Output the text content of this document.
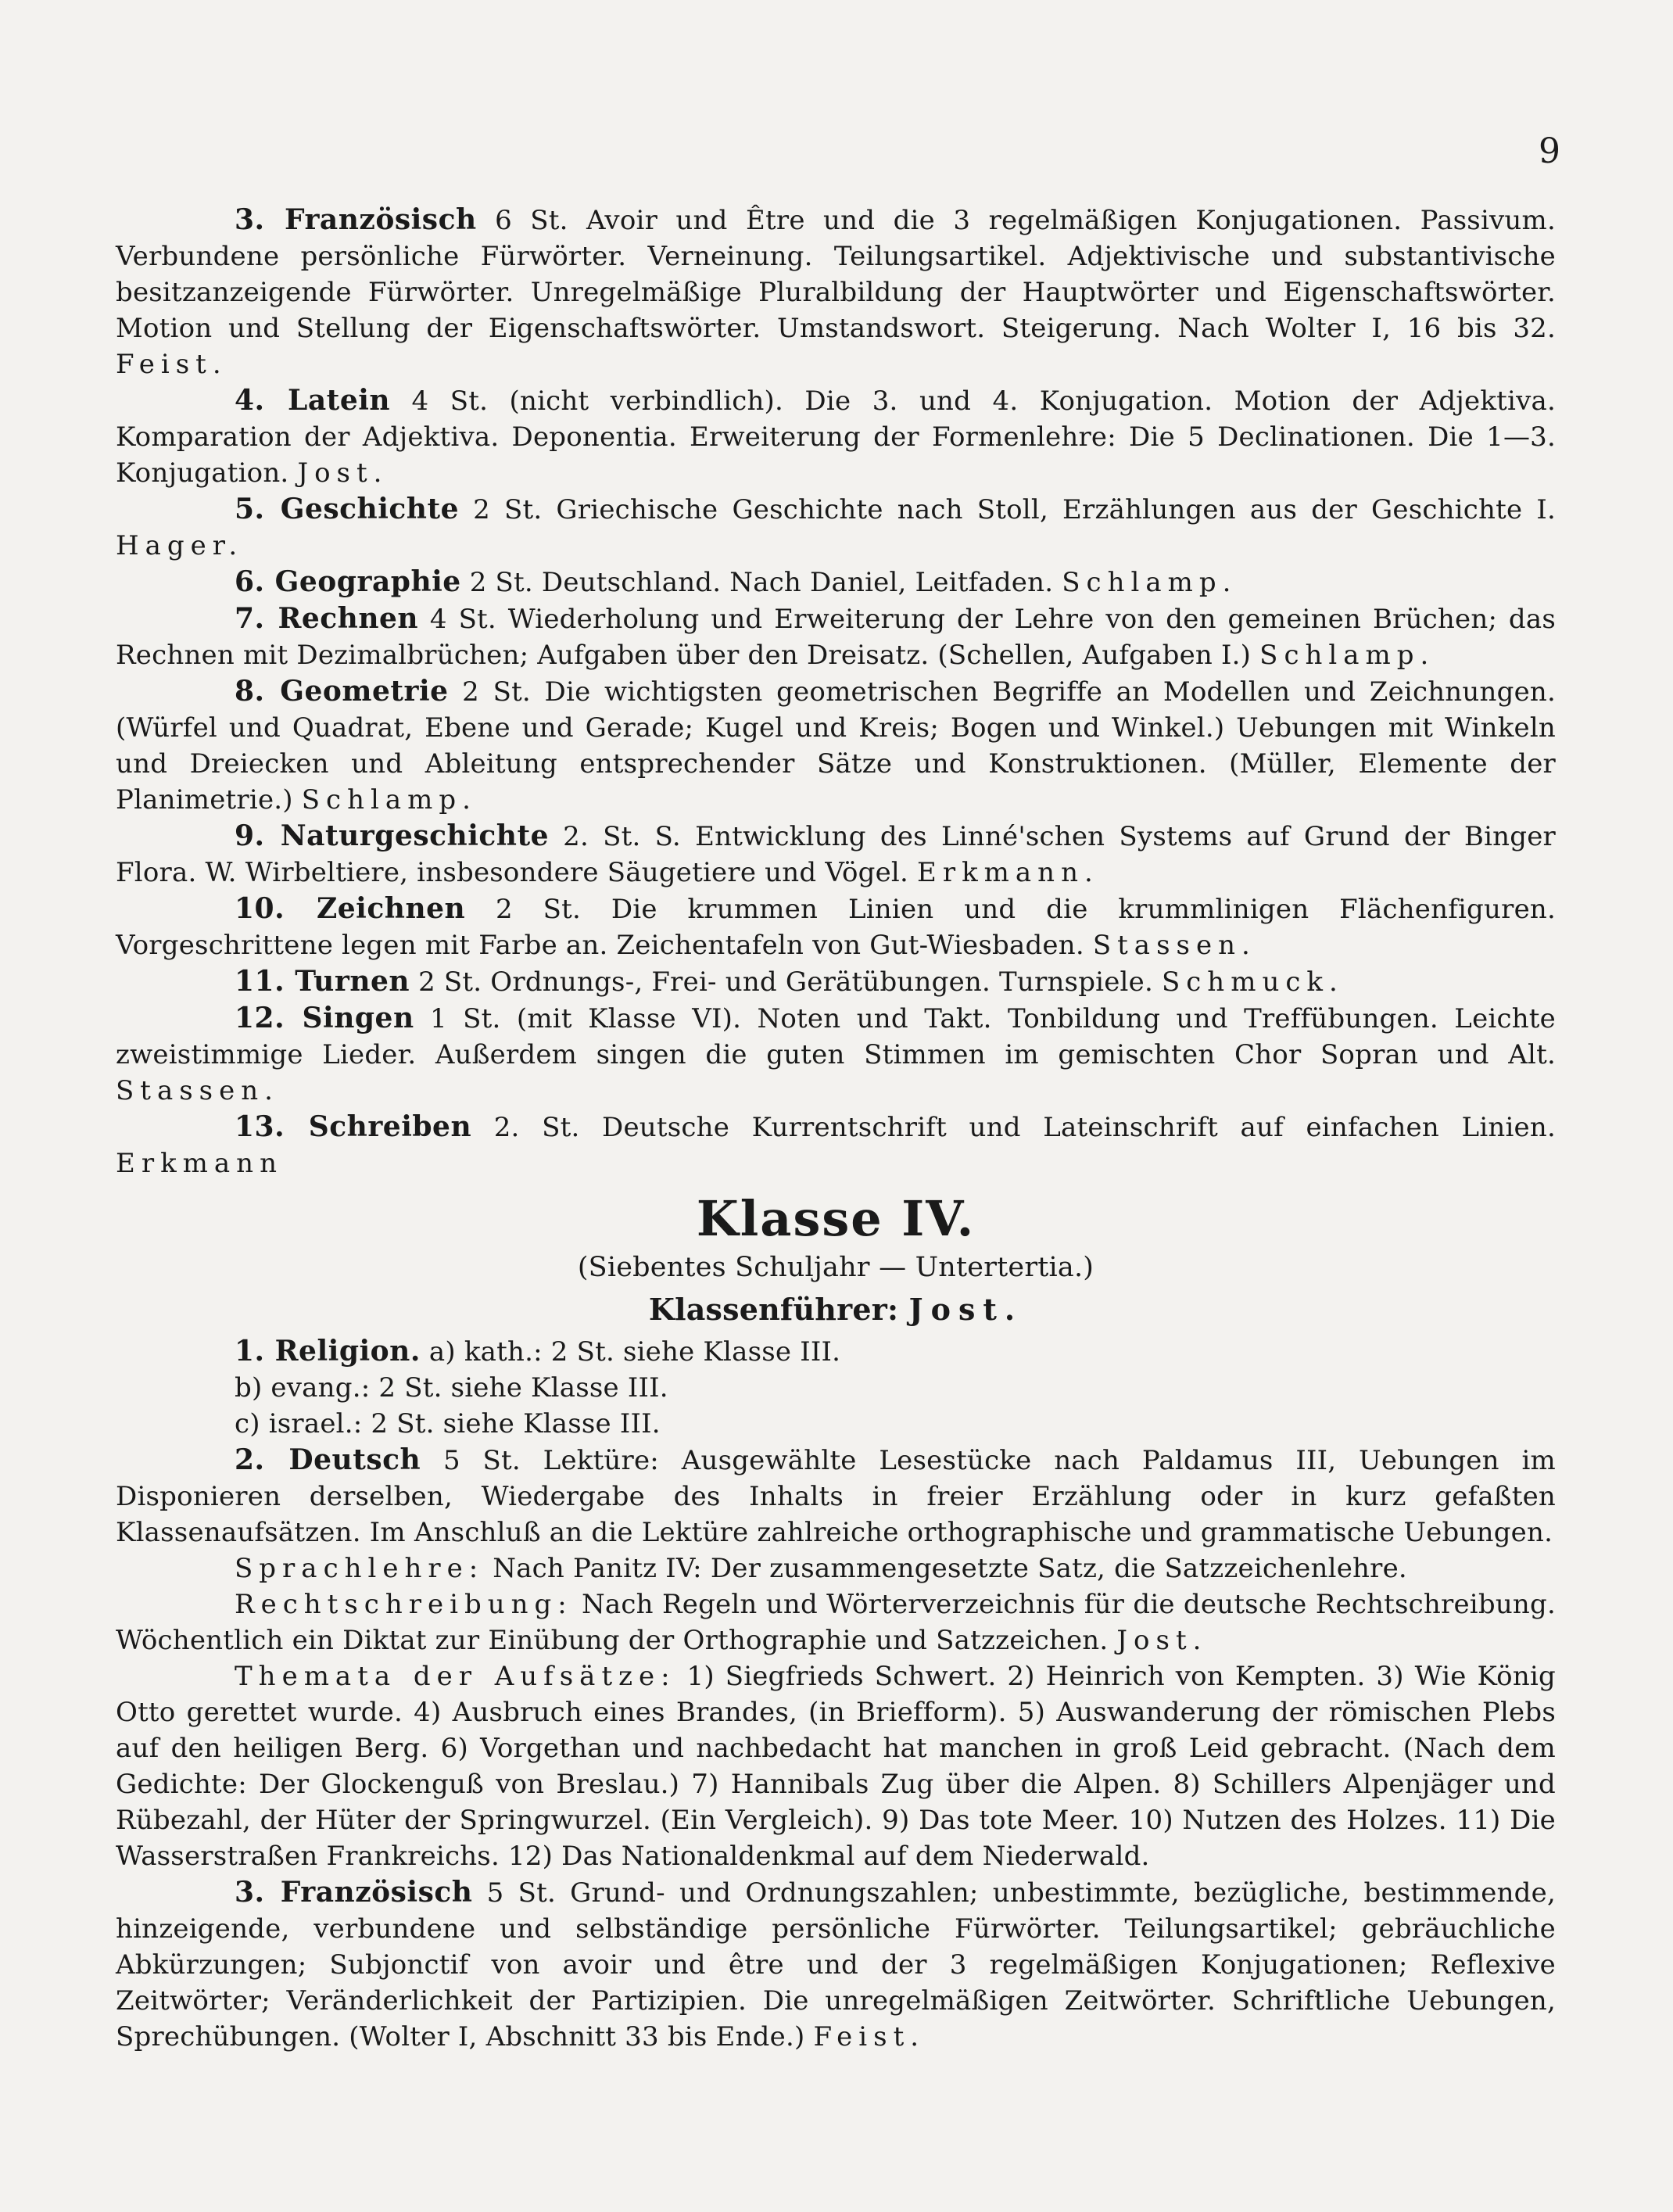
9

3. Französisch 6 St. Avoir und Être und die 3 regelmäßigen Konjugationen. Passivum. Verbundene persönliche Fürwörter. Verneinung. Teilungsartikel. Adjektivische und substantivische besitzanzeigende Fürwörter. Unregelmäßige Pluralbildung der Hauptwörter und Eigenschaftswörter. Motion und Stellung der Eigenschaftswörter. Umstandswort. Steigerung. Nach Wolter I, 16 bis 32. Feist.

4. Latein 4 St. (nicht verbindlich). Die 3. und 4. Konjugation. Motion der Adjektiva. Komparation der Adjektiva. Deponentia. Erweiterung der Formenlehre: Die 5 Declinationen. Die 1—3. Konjugation. Jost.

5. Geschichte 2 St. Griechische Geschichte nach Stoll, Erzählungen aus der Geschichte I. Hager.

6. Geographie 2 St. Deutschland. Nach Daniel, Leitfaden. Schlamp.

7. Rechnen 4 St. Wiederholung und Erweiterung der Lehre von den gemeinen Brüchen; das Rechnen mit Dezimalbrüchen; Aufgaben über den Dreisatz. (Schellen, Aufgaben I.) Schlamp.

8. Geometrie 2 St. Die wichtigsten geometrischen Begriffe an Modellen und Zeichnungen. (Würfel und Quadrat, Ebene und Gerade; Kugel und Kreis; Bogen und Winkel.) Uebungen mit Winkeln und Dreiecken und Ableitung entsprechender Sätze und Konstruktionen. (Müller, Elemente der Planimetrie.) Schlamp.

9. Naturgeschichte 2. St. S. Entwicklung des Linné'schen Systems auf Grund der Binger Flora. W. Wirbeltiere, insbesondere Säugetiere und Vögel. Erkmann.

10. Zeichnen 2 St. Die krummen Linien und die krummlinigen Flächenfiguren. Vorgeschrittene legen mit Farbe an. Zeichentafeln von Gut-Wiesbaden. Stassen.

11. Turnen 2 St. Ordnungs-, Frei- und Gerätübungen. Turnspiele. Schmuck.

12. Singen 1 St. (mit Klasse VI). Noten und Takt. Tonbildung und Treffübungen. Leichte zweistimmige Lieder. Außerdem singen die guten Stimmen im gemischten Chor Sopran und Alt. Stassen.

13. Schreiben 2. St. Deutsche Kurrentschrift und Lateinschrift auf einfachen Linien. Erkmann

Klasse IV.
(Siebentes Schuljahr — Untertertia.)
Klassenführer: Jost.

1. Religion. a) kath.: 2 St. siehe Klasse III.

b) evang.: 2 St. siehe Klasse III.

c) israel.: 2 St. siehe Klasse III.

2. Deutsch 5 St. Lektüre: Ausgewählte Lesestücke nach Paldamus III, Uebungen im Disponieren derselben, Wiedergabe des Inhalts in freier Erzählung oder in kurz gefaßten Klassenaufsätzen. Im Anschluß an die Lektüre zahlreiche orthographische und grammatische Uebungen.

Sprachlehre: Nach Panitz IV: Der zusammengesetzte Satz, die Satzzeichenlehre.

Rechtschreibung: Nach Regeln und Wörterverzeichnis für die deutsche Rechtschreibung. Wöchentlich ein Diktat zur Einübung der Orthographie und Satzzeichen. Jost.

Themata der Aufsätze: 1) Siegfrieds Schwert. 2) Heinrich von Kempten. 3) Wie König Otto gerettet wurde. 4) Ausbruch eines Brandes, (in Briefform). 5) Auswanderung der römischen Plebs auf den heiligen Berg. 6) Vorgethan und nachbedacht hat manchen in groß Leid gebracht. (Nach dem Gedichte: Der Glockenguß von Breslau.) 7) Hannibals Zug über die Alpen. 8) Schillers Alpenjäger und Rübezahl, der Hüter der Springwurzel. (Ein Vergleich). 9) Das tote Meer. 10) Nutzen des Holzes. 11) Die Wasserstraßen Frankreichs. 12) Das Nationaldenkmal auf dem Niederwald.

3. Französisch 5 St. Grund- und Ordnungszahlen; unbestimmte, bezügliche, bestimmende, hinzeigende, verbundene und selbständige persönliche Fürwörter. Teilungsartikel; gebräuchliche Abkürzungen; Subjonctif von avoir und être und der 3 regelmäßigen Konjugationen; Reflexive Zeitwörter; Veränderlichkeit der Partizipien. Die unregelmäßigen Zeitwörter. Schriftliche Uebungen, Sprechübungen. (Wolter I, Abschnitt 33 bis Ende.) Feist.
